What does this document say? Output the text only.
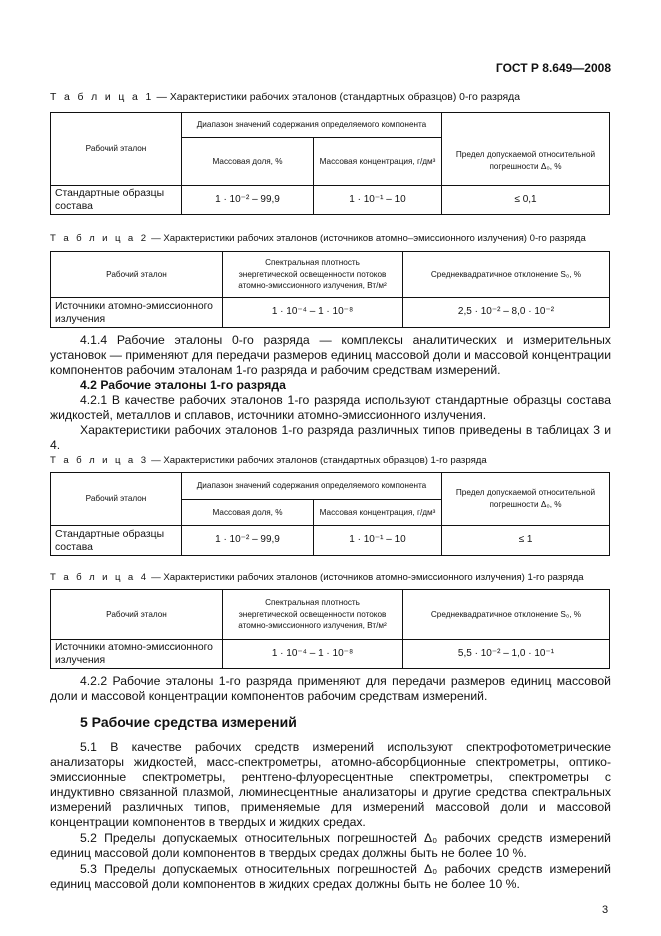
ГОСТ Р 8.649—2008
Т а б л и ц а 1 — Характеристики рабочих эталонов (стандартных образцов) 0-го разряда
Рабочий эталон	Диапазон значений содержания определяемого компонента		
	Массовая доля, %	Массовая концентрация, г/дм³	Предел допускаемой относительной погрешности Δ₀, %
Стандартные образцы состава	1 · 10⁻² – 99,9	1 · 10⁻¹ – 10	≤ 0,1
Т а б л и ц а 2 — Характеристики рабочих эталонов (источников атомно–эмиссионного излучения) 0-го разряда
Рабочий эталон	Спектральная плотность энергетической освещенности потоков атомно-эмиссионного излучения, Вт/м²	Среднеквадратичное отклонение S₀, %
Источники атомно-эмиссионного излучения	1 · 10⁻⁴ – 1 · 10⁻⁸	2,5 · 10⁻² – 8,0 · 10⁻²
4.1.4 Рабочие эталоны 0-го разряда — комплексы аналитических и измерительных установок — применяют для передачи размеров единиц массовой доли и массовой концентрации компонентов рабочим эталонам 1-го разряда и рабочим средствам измерений.
4.2 Рабочие эталоны 1-го разряда
4.2.1 В качестве рабочих эталонов 1-го разряда используют стандартные образцы состава жидкостей, металлов и сплавов, источники атомно-эмиссионного излучения.
Характеристики рабочих эталонов 1-го разряда различных типов приведены в таблицах 3 и 4.
Т а б л и ц а 3 — Характеристики рабочих эталонов (стандартных образцов) 1-го разряда
Рабочий эталон	Диапазон значений содержания определяемого компонента		Предел допускаемой относительной погрешности Δ₀, %
	Массовая доля, %	Массовая концентрация, г/дм³	
Стандартные образцы состава	1 · 10⁻² – 99,9	1 · 10⁻¹ – 10	≤ 1
Т а б л и ц а 4 — Характеристики рабочих эталонов (источников атомно-эмиссионного излучения) 1-го разряда
Рабочий эталон	Спектральная плотность энергетической освещенности потоков атомно-эмиссионного излучения, Вт/м²	Среднеквадратичное отклонение S₀, %
Источники атомно-эмиссионного излучения	1 · 10⁻⁴ – 1 · 10⁻⁸	5,5 · 10⁻² – 1,0 · 10⁻¹
4.2.2 Рабочие эталоны 1-го разряда применяют для передачи размеров единиц массовой доли и массовой концентрации компонентов рабочим средствам измерений.
5 Рабочие средства измерений
5.1 В качестве рабочих средств измерений используют спектрофотометрические анализаторы жидкостей, масс-спектрометры, атомно-абсорбционные спектрометры, оптико-эмиссионные спектрометры, рентгено-флуоресцентные спектрометры, спектрометры с индуктивно связанной плазмой, люминесцентные анализаторы и другие средства спектральных измерений различных типов, применяемые для измерений массовой доли и массовой концентрации компонентов в твердых и жидких средах.
5.2 Пределы допускаемых относительных погрешностей Δ₀ рабочих средств измерений единиц массовой доли компонентов в твердых средах должны быть не более 10 %.
5.3 Пределы допускаемых относительных погрешностей Δ₀ рабочих средств измерений единиц массовой доли компонентов в жидких средах должны быть не более 10 %.
3
